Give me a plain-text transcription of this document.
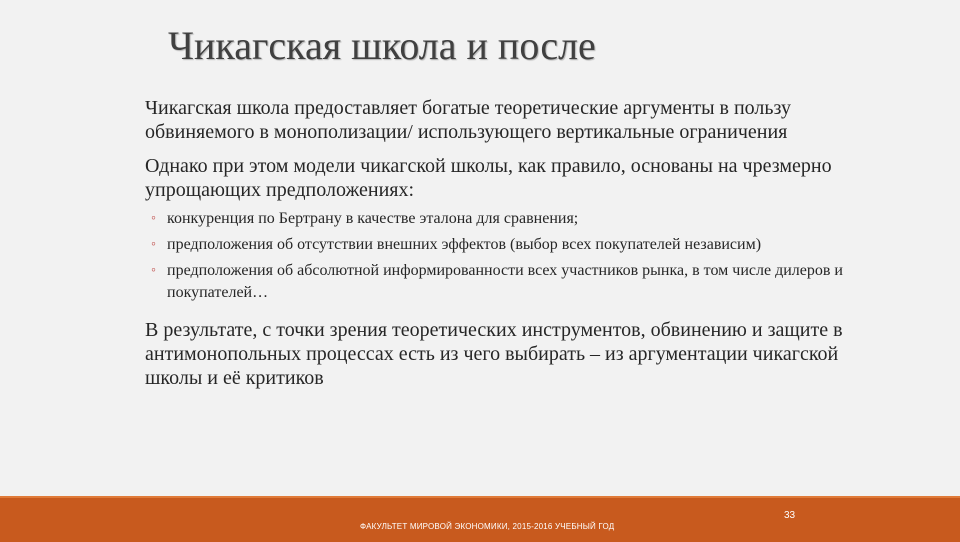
Чикагская школа и после

Чикагская школа предоставляет богатые теоретические аргументы в пользу обвиняемого в монополизации/ использующего вертикальные ограничения

Однако при этом модели чикагской школы, как правило, основаны на чрезмерно упрощающих предположениях:

◦ конкуренция по Бертрану в качестве эталона для сравнения;
◦ предположения об отсутствии внешних эффектов (выбор всех покупателей независим)
◦ предположения об абсолютной информированности всех участников рынка, в том числе дилеров и покупателей…

В результате, с точки зрения теоретических инструментов, обвинению и защите в антимонопольных процессах есть из чего выбирать – из аргументации чикагской школы и её критиков

ФАКУЛЬТЕТ МИРОВОЙ ЭКОНОМИКИ, 2015-2016 УЧЕБНЫЙ ГОД
33
